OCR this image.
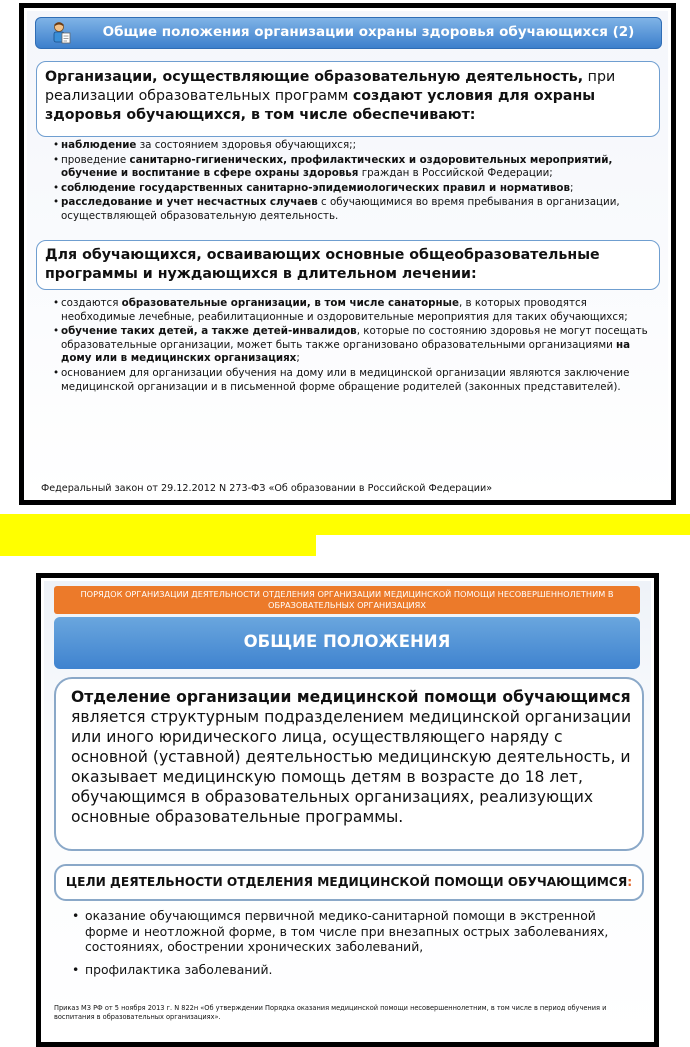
Общие положения организации охраны здоровья обучающихся (2)
Организации, осуществляющие образовательную деятельность, при реализации образовательных программ создают условия для охраны здоровья обучающихся, в том числе обеспечивают:
• наблюдение за состоянием здоровья обучающихся;;
• проведение санитарно-гигиенических, профилактических и оздоровительных мероприятий, обучение и воспитание в сфере охраны здоровья граждан в Российской Федерации;
• соблюдение государственных санитарно-эпидемиологических правил и нормативов;
• расследование и учет несчастных случаев с обучающимися во время пребывания в организации, осуществляющей образовательную деятельность.
Для обучающихся, осваивающих основные общеобразовательные программы и нуждающихся в длительном лечении:
• создаются образовательные организации, в том числе санаторные, в которых проводятся необходимые лечебные, реабилитационные и оздоровительные мероприятия для таких обучающихся;
• обучение таких детей, а также детей-инвалидов, которые по состоянию здоровья не могут посещать образовательные организации, может быть также организовано образовательными организациями на дому или в медицинских организациях;
• основанием для организации обучения на дому или в медицинской организации являются заключение медицинской организации и в письменной форме обращение родителей (законных представителей).
Федеральный закон от 29.12.2012 N 273-ФЗ «Об образовании в Российской Федерации»
ПОРЯДОК ОРГАНИЗАЦИИ ДЕЯТЕЛЬНОСТИ ОТДЕЛЕНИЯ ОРГАНИЗАЦИИ МЕДИЦИНСКОЙ ПОМОЩИ НЕСОВЕРШЕННОЛЕТНИМ В ОБРАЗОВАТЕЛЬНЫХ ОРГАНИЗАЦИЯХ
ОБЩИЕ ПОЛОЖЕНИЯ
Отделение организации медицинской помощи обучающимся является структурным подразделением медицинской организации или иного юридического лица, осуществляющего наряду с основной (уставной) деятельностью медицинскую деятельность, и оказывает медицинскую помощь детям в возрасте до 18 лет, обучающимся в образовательных организациях, реализующих основные образовательные программы.
ЦЕЛИ ДЕЯТЕЛЬНОСТИ ОТДЕЛЕНИЯ МЕДИЦИНСКОЙ ПОМОЩИ ОБУЧАЮЩИМСЯ:
• оказание обучающимся первичной медико-санитарной помощи в экстренной форме и неотложной форме, в том числе при внезапных острых заболеваниях, состояниях, обострении хронических заболеваний,
• профилактика заболеваний.
Приказ МЗ РФ от 5 ноября 2013 г. N 822н «Об утверждении Порядка оказания медицинской помощи несовершеннолетним, в том числе в период обучения и воспитания в образовательных организациях».
